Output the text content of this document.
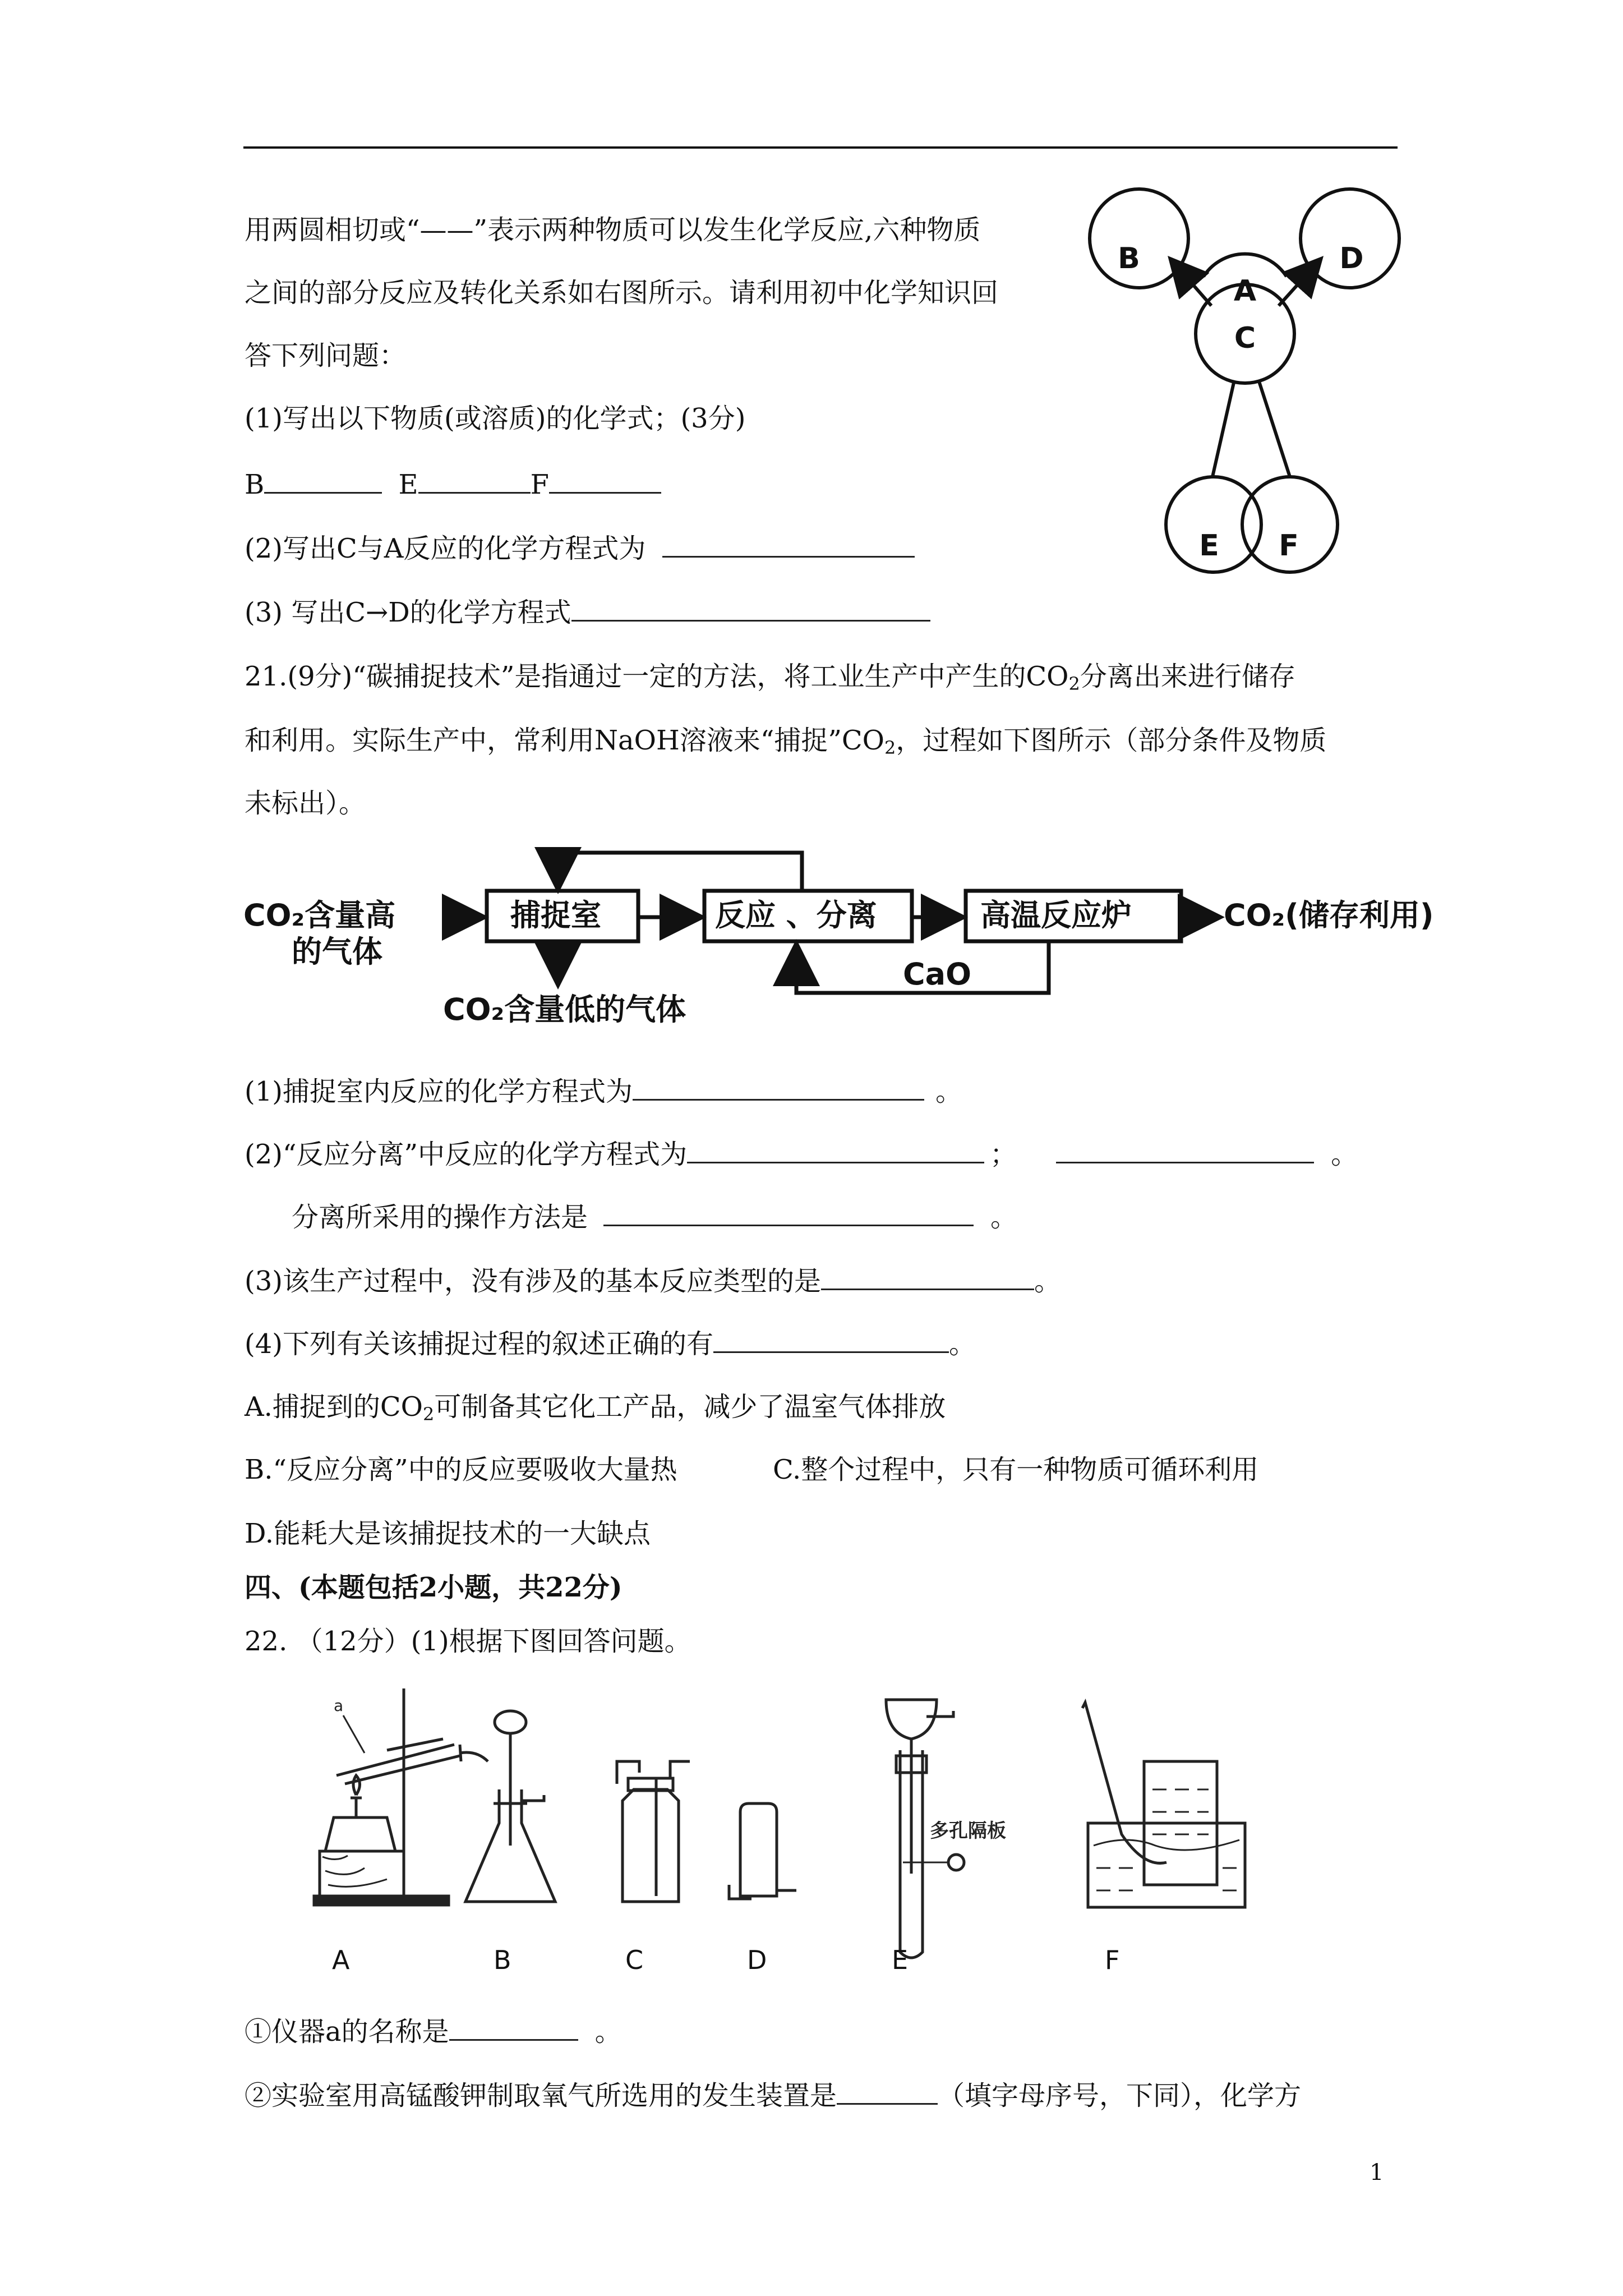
用两圆相切或“——”表示两种物质可以发生化学反应,六种物质
之间的部分反应及转化关系如右图所示。请利用初中化学知识回
答下列问题：
(1)写出以下物质(或溶质)的化学式；(3分)
B	E	F
(2)写出C与A反应的化学方程式为
(3) 写出C→D的化学方程式
B
A
D
C
E F
21.(9分)“碳捕捉技术”是指通过一定的方法，将工业生产中产生的$CO_2$分离出来进行储存
和利用。实际生产中，常利用NaOH溶液来“捕捉$”CO_2$，过程如下图所示（部分条件及物质
未标出）。
CO₂含量高
的气体
捕捉室	反应 、分离	高温反应炉	CO₂(储存利用)
CO₂含量低的气体
CaO
(1)捕捉室内反应的化学方程式为	。
(2)“反应分离”中反应的化学方程式为	；	。
分离所采用的操作方法是	。
(3)该生产过程中，没有涉及的基本反应类型的是	。
(4)下列有关该捕捉过程的叙述正确的有	。
A.捕捉到的$CO_2$可制备其它化工产品，减少了温室气体排放
B.“反应分离”中的反应要吸收大量热	C.整个过程中，只有一种物质可循环利用
D.能耗大是该捕捉技术的一大缺点
四、(本题包括2小题，共22分)
22. （12分）(1)根据下图回答问题。
a
多孔隔板
A	B	C	D	E	F
①仪器a的名称是	。
②实验室用高锰酸钾制取氧气所选用的发生装置是	（填字母序号，下同），化学方
1
